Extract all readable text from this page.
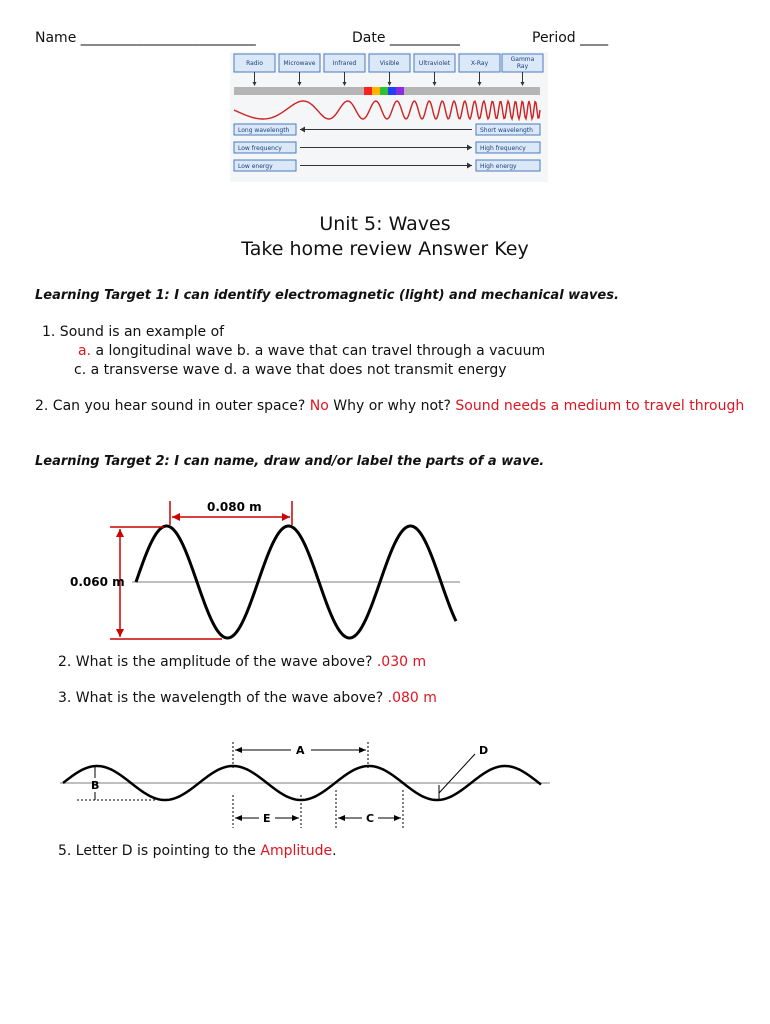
Name _________________________	Date __________	Period ____
Radio	Microwave	Infrared	Visible	Ultraviolet	X-Ray
Gamma
Ray
Long wavelength	Short wavelength
Low frequency	High frequency
Low energy	High energy
Unit 5: Waves
Take home review Answer Key
Learning Target 1: I can identify electromagnetic (light) and mechanical waves.
1. Sound is an example of
a. a longitudinal wave b. a wave that can travel through a vacuum
c. a transverse wave d. a wave that does not transmit energy
2. Can you hear sound in outer space? No Why or why not? Sound needs a medium to travel through
Learning Target 2: I can name, draw and/or label the parts of a wave.
0.080 m
0.060 m
2. What is the amplitude of the wave above? .030 m
3. What is the wavelength of the wave above? .080 m
A
B
D
E	C
5. Letter D is pointing to the Amplitude.
